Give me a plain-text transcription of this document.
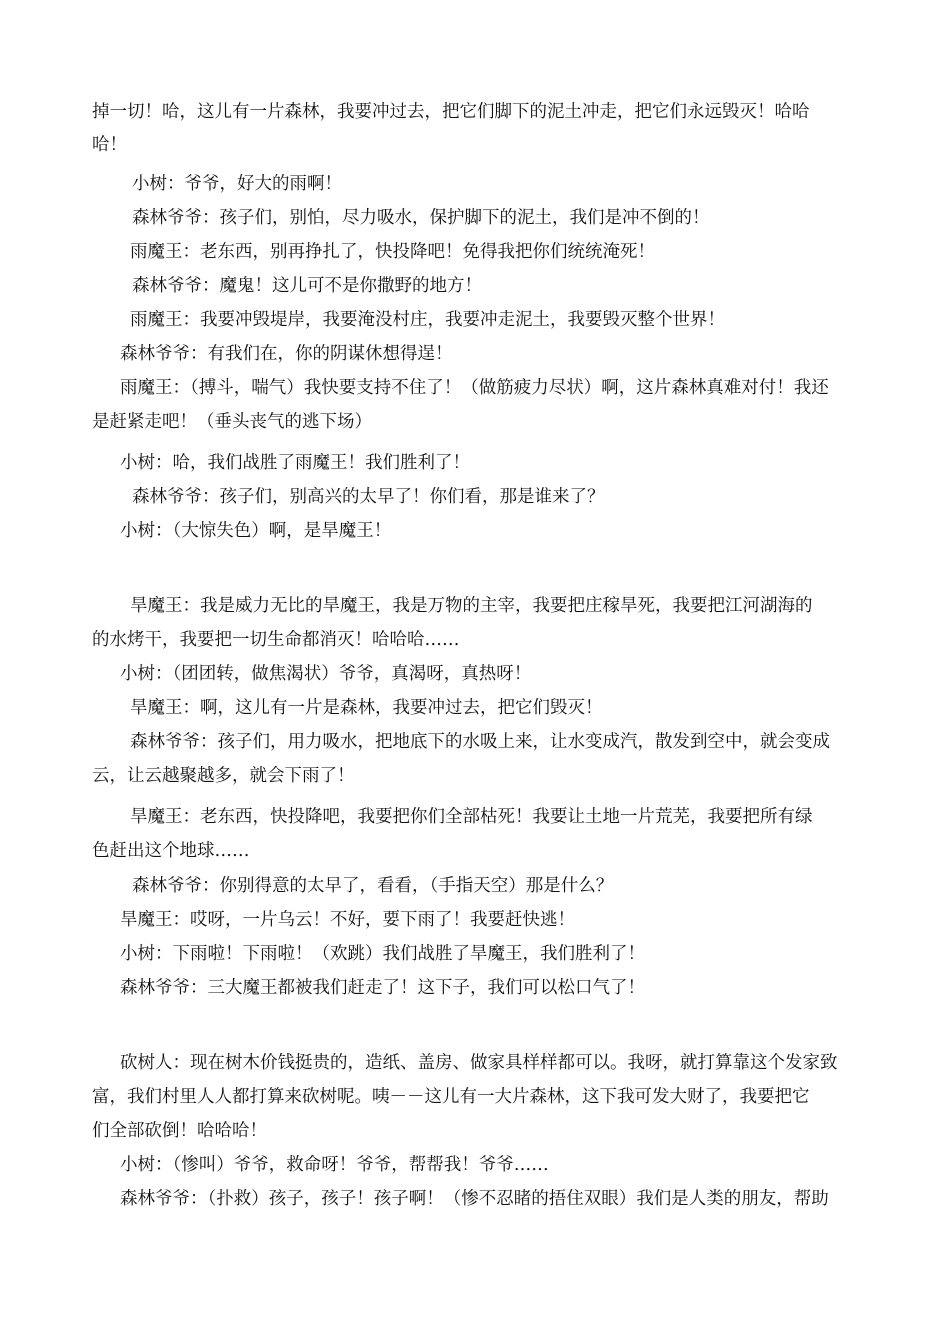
掉一切！哈，这儿有一片森林，我要冲过去，把它们脚下的泥土冲走，把它们永远毁灭！哈哈
哈！
小树：爷爷，好大的雨啊！
森林爷爷：孩子们，别怕，尽力吸水，保护脚下的泥土，我们是冲不倒的！
雨魔王：老东西，别再挣扎了，快投降吧！免得我把你们统统淹死！
森林爷爷：魔鬼！这儿可不是你撒野的地方！
雨魔王：我要冲毁堤岸，我要淹没村庄，我要冲走泥土，我要毁灭整个世界！
森林爷爷：有我们在，你的阴谋休想得逞！
雨魔王：（搏斗，喘气）我快要支持不住了！（做筋疲力尽状）啊，这片森林真难对付！我还
是赶紧走吧！（垂头丧气的逃下场）
小树：哈，我们战胜了雨魔王！我们胜利了！
森林爷爷：孩子们，别高兴的太早了！你们看，那是谁来了？
小树：（大惊失色）啊，是旱魔王！
旱魔王：我是威力无比的旱魔王，我是万物的主宰，我要把庄稼旱死，我要把江河湖海的
的水烤干，我要把一切生命都消灭！哈哈哈……
小树：（团团转，做焦渴状）爷爷，真渴呀，真热呀！
旱魔王：啊，这儿有一片是森林，我要冲过去，把它们毁灭！
森林爷爷：孩子们，用力吸水，把地底下的水吸上来，让水变成汽，散发到空中，就会变成
云，让云越聚越多，就会下雨了！
旱魔王：老东西，快投降吧，我要把你们全部枯死！我要让土地一片荒芜，我要把所有绿
色赶出这个地球……
森林爷爷：你别得意的太早了，看看，（手指天空）那是什么？
旱魔王：哎呀，一片乌云！不好，要下雨了！我要赶快逃！
小树：下雨啦！下雨啦！（欢跳）我们战胜了旱魔王，我们胜利了！
森林爷爷：三大魔王都被我们赶走了！这下子，我们可以松口气了！
砍树人：现在树木价钱挺贵的，造纸、盖房、做家具样样都可以。我呀，就打算靠这个发家致
富，我们村里人人都打算来砍树呢。咦－－这儿有一大片森林，这下我可发大财了，我要把它
们全部砍倒！哈哈哈！
小树：（惨叫）爷爷，救命呀！爷爷，帮帮我！爷爷……
森林爷爷：（扑救）孩子，孩子！孩子啊！（惨不忍睹的捂住双眼）我们是人类的朋友，帮助
